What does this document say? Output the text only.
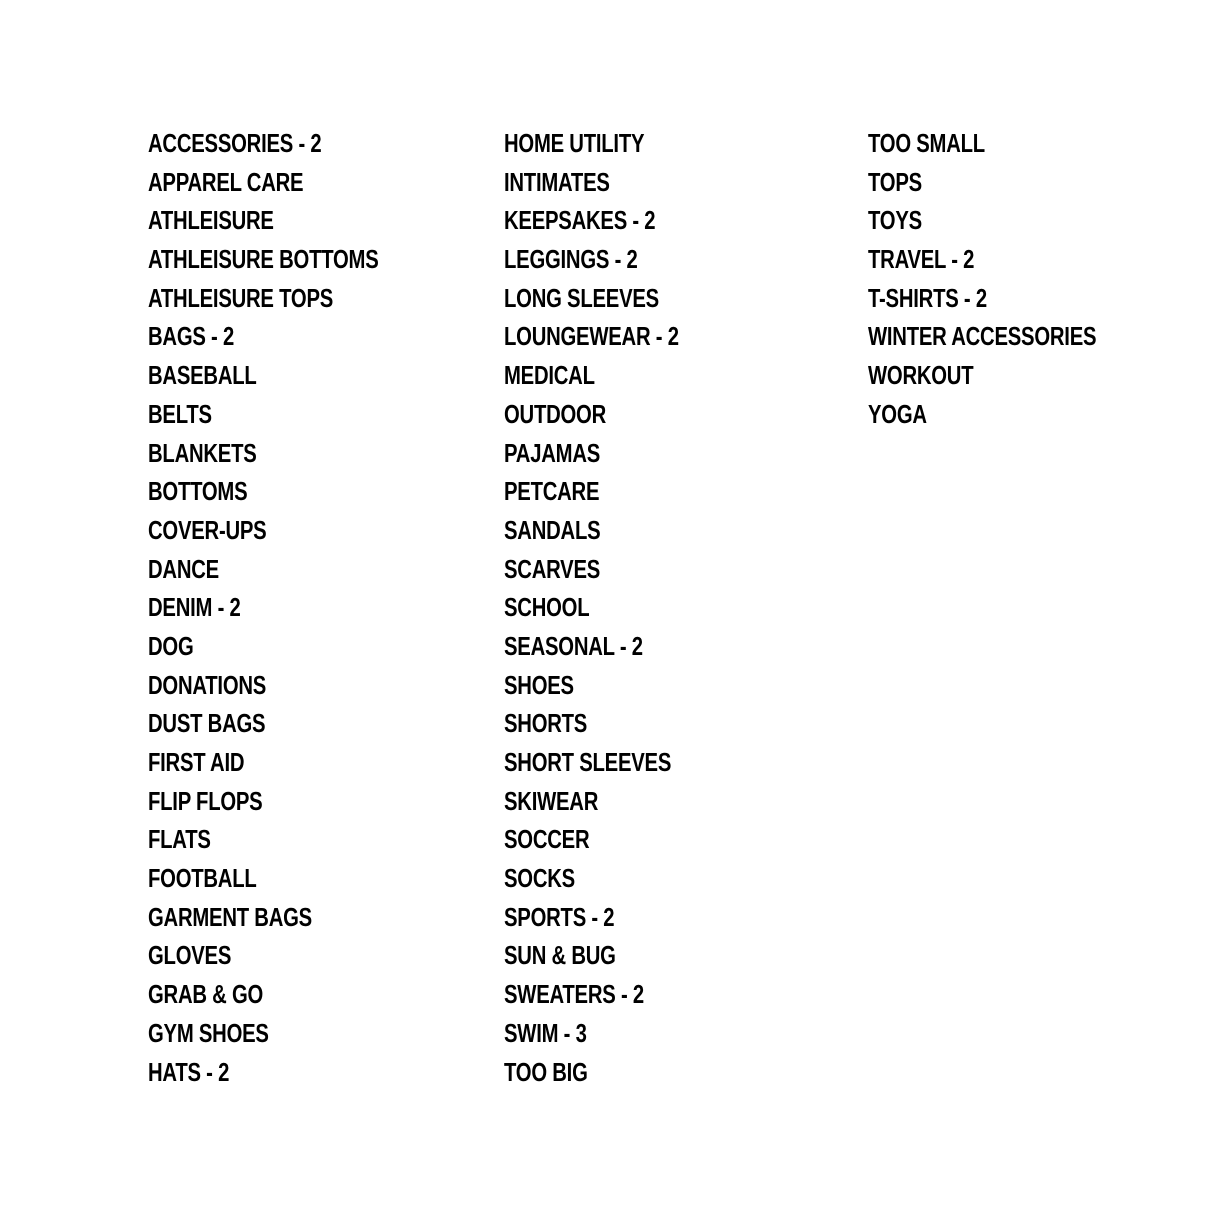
ACCESSORIES - 2
APPAREL CARE
ATHLEISURE
ATHLEISURE BOTTOMS
ATHLEISURE TOPS
BAGS - 2
BASEBALL
BELTS
BLANKETS
BOTTOMS
COVER-UPS
DANCE
DENIM - 2
DOG
DONATIONS
DUST BAGS
FIRST AID
FLIP FLOPS
FLATS
FOOTBALL
GARMENT BAGS
GLOVES
GRAB & GO
GYM SHOES
HATS - 2
HOME UTILITY
INTIMATES
KEEPSAKES - 2
LEGGINGS - 2
LONG SLEEVES
LOUNGEWEAR - 2
MEDICAL
OUTDOOR
PAJAMAS
PETCARE
SANDALS
SCARVES
SCHOOL
SEASONAL - 2
SHOES
SHORTS
SHORT SLEEVES
SKIWEAR
SOCCER
SOCKS
SPORTS - 2
SUN & BUG
SWEATERS - 2
SWIM - 3
TOO BIG
TOO SMALL
TOPS
TOYS
TRAVEL - 2
T-SHIRTS - 2
WINTER ACCESSORIES
WORKOUT
YOGA
